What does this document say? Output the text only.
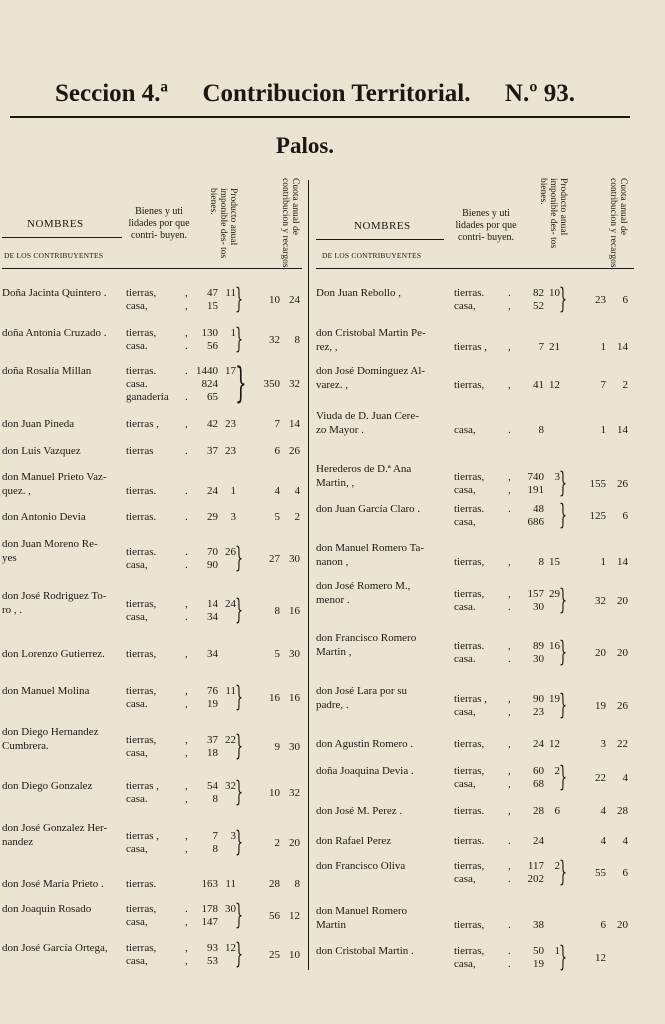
Seccion 4.ª Contribucion Territorial. N.º 93.
Palos.
NOMBRES
DE LOS CONTRIBUYENTES
Bienes y uti lidades por que contri- buyen.	Producto anual imponible des- tos bienes.	Cuota anual de contribucion y recargos.
Doña Jacinta Quintero . tierras,	,	47 11
casa,	,	15 }	10 24
doña Antonia Cruzado . tierras,	,	130	1
casa.	.	56 }	32	8
doña Rosalía Millan	tierras.	. 1440 17
casa.	824
ganadería .	65 }	350 32
don Juan Pineda	tierras , ,	42 23	7 14
don Luis Vazquez	tierras	.	37 23	6 26
don Manuel Prieto Vaz-
quez. ,	tierras.	.	24	1	4	4
don Antonio Devia	tierras.	.	29	3	5	2
don Juan Moreno Re-
yes	tierras.	.	70 26
casa,	.	90 }	27 30
don José Rodriguez To-
ro , .	tierras,	,	14 24
casa,	.	34 }	8 16
don Lorenzo Gutierrez. tierras,	,	34	5 30
don Manuel Molina	tierras,	,	76 11
casa.	,	19 }	16 16
don Diego Hernandez
Cumbrera.	tierras,	,	37 22
casa,	,	18 }	9 30
don Diego Gonzalez	tierras , ,	54 32
casa.	,	8 }	10 32
don José Gonzalez Her-
nandez	tierras , ,	7	3
casa,	,	8 }	2 20
don José María Prieto . tierras.	163 11	28	8
don Joaquin Rosado	tierras,	.	178 30
casa,	,	147 }	56 12
don José García Ortega, tierras,	,	93 12
casa,	,	53 }	25 10
NOMBRES
DE LOS CONTRIBUYENTES
Bienes y uti lidades por que contri- buyen.
Producto anual imponible des- tos bienes.	Cuota anual de contribucion y recargos.
Don Juan Rebollo ,	tierras. .	82 10
casa,	,	52 }	23	6
don Cristobal Martin Pe-
rez, ,	tierras , ,	7 21	1	14
don José Dominguez Al-
varez. ,	tierras, ,	41 12	7	2
Viuda de D. Juan Cere-
zo Mayor .	casa,	.	8	1	14
Herederos de D.ª Ana
Martin, ,	tierras, ,	740 3
casa,	,	191 }	155	26
don Juan García Claro .	tierras. .	48
casa,	686 }	125	6
don Manuel Romero Ta-
nanon ,	tierras, ,	8 15	1	14
don José Romero M.,
menor .	tierras, ,	157 29
casa.	.	30 }	32	20
don Francisco Romero
Martin ,	tierras. ,	89 16
casa.	.	30 }	20	20
don José Lara por su
padre, .	tierras , ,	90 19
casa,	,	23 }	19	26
don Agustin Romero .	tierras, ,	24 12	3	22
doña Joaquina Devia .	tierras, ,	60 2
casa,	,	68 }	22	4
don José M. Perez .	tierras. ,	28 6	4	28
don Rafael Perez	tierras. .	24	4	4
don Francisco Oliva	tierras, ,	117 2
casa,	.	202 }	55	6
don Manuel Romero
Martin	tierras, .	38	6	20
don Cristobal Martin .	tierras, .	50 1
casa,	.	19 }	12
